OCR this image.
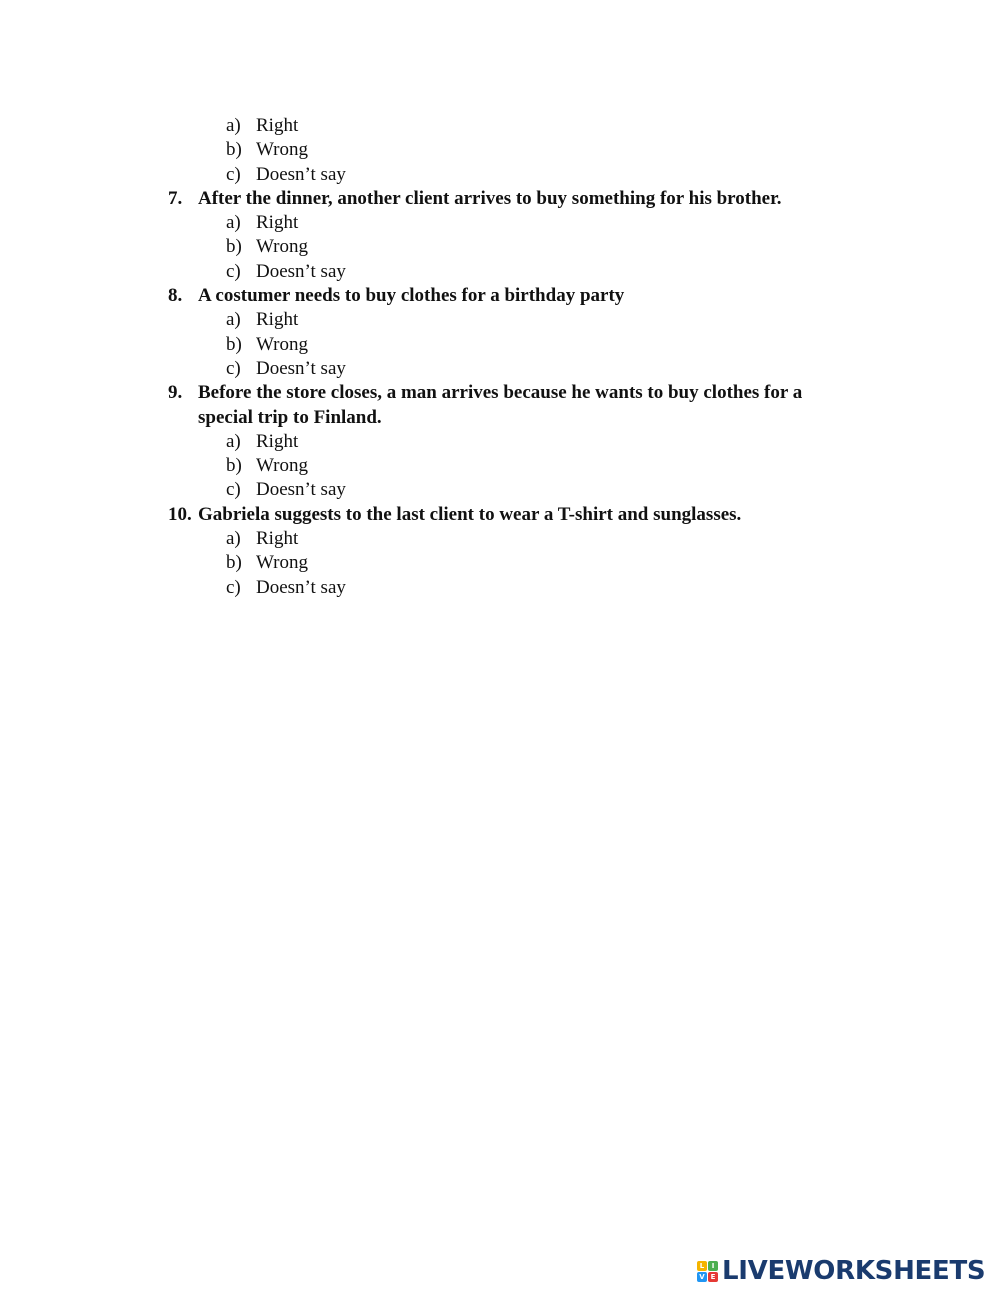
a) Right
b) Wrong
c) Doesn’t say
7. After the dinner, another client arrives to buy something for his brother.
a) Right
b) Wrong
c) Doesn’t say
8. A costumer needs to buy clothes for a birthday party
a) Right
b) Wrong
c) Doesn’t say
9. Before the store closes, a man arrives because he wants to buy clothes for a
special trip to Finland.
a) Right
b) Wrong
c) Doesn’t say
10. Gabriela suggests to the last client to wear a T-shirt and sunglasses.
a) Right
b) Wrong
c) Doesn’t say
L	I
V E LIVEWORKSHEETS
